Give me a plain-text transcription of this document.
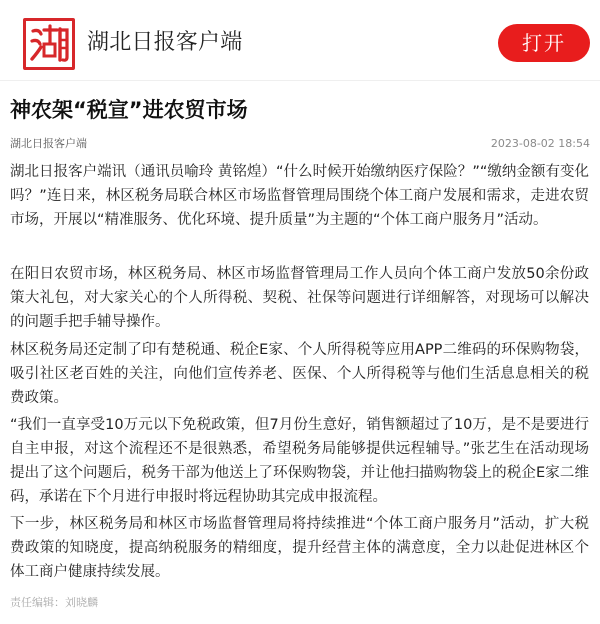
湖北日报客户端	打开
神农架“税宣”进农贸市场
湖北日报客户端	2023-08-02 18:54

湖北日报客户端讯（通讯员喻玲 黄铭煌）“什么时候开始缴纳医疗保险？”“缴纳金额有变化吗？”连日来，林区税务局联合林区市场监督管理局围绕个体工商户发展和需求，走进农贸市场，开展以“精准服务、优化环境、提升质量”为主题的“个体工商户服务月”活动。

在阳日农贸市场，林区税务局、林区市场监督管理局工作人员向个体工商户发放50余份政策大礼包，对大家关心的个人所得税、契税、社保等问题进行详细解答，对现场可以解决的问题手把手辅导操作。

林区税务局还定制了印有楚税通、税企E家、个人所得税等应用APP二维码的环保购物袋，吸引社区老百姓的关注，向他们宣传养老、医保、个人所得税等与他们生活息息相关的税费政策。

“我们一直享受10万元以下免税政策，但7月份生意好，销售额超过了10万，是不是要进行自主申报，对这个流程还不是很熟悉，希望税务局能够提供远程辅导。”张艺生在活动现场提出了这个问题后，税务干部为他送上了环保购物袋，并让他扫描购物袋上的税企E家二维码，承诺在下个月进行申报时将远程协助其完成申报流程。

下一步，林区税务局和林区市场监督管理局将持续推进“个体工商户服务月”活动，扩大税费政策的知晓度，提高纳税服务的精细度，提升经营主体的满意度，全力以赴促进林区个体工商户健康持续发展。

责任编辑：刘晓麟
